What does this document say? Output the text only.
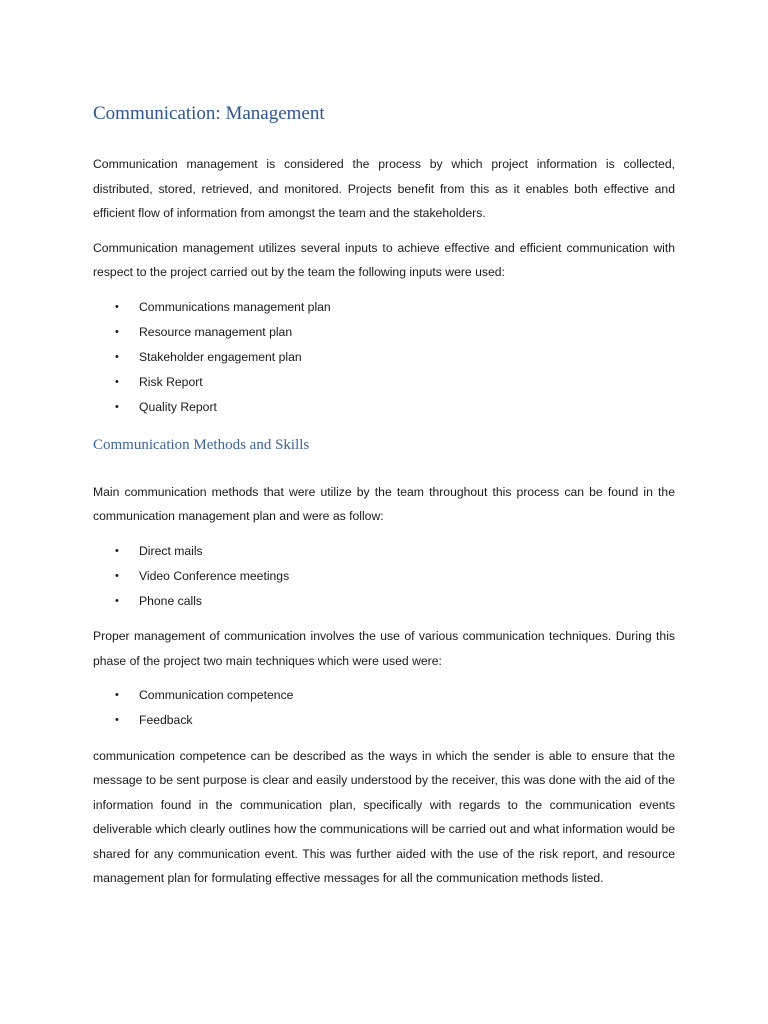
Communication: Management

Communication management is considered the process by which project information is collected, distributed, stored, retrieved, and monitored. Projects benefit from this as it enables both effective and efficient flow of information from amongst the team and the stakeholders.

Communication management utilizes several inputs to achieve effective and efficient communication with respect to the project carried out by the team the following inputs were used:

• Communications management plan
• Resource management plan
• Stakeholder engagement plan
• Risk Report
• Quality Report
Communication Methods and Skills

Main communication methods that were utilize by the team throughout this process can be found in the communication management plan and were as follow:

• Direct mails
• Video Conference meetings
• Phone calls

Proper management of communication involves the use of various communication techniques. During this phase of the project two main techniques which were used were:

• Communication competence
• Feedback

communication competence can be described as the ways in which the sender is able to ensure that the message to be sent purpose is clear and easily understood by the receiver, this was done with the aid of the information found in the communication plan, specifically with regards to the communication events deliverable which clearly outlines how the communications will be carried out and what information would be shared for any communication event. This was further aided with the use of the risk report, and resource management plan for formulating effective messages for all the communication methods listed.
